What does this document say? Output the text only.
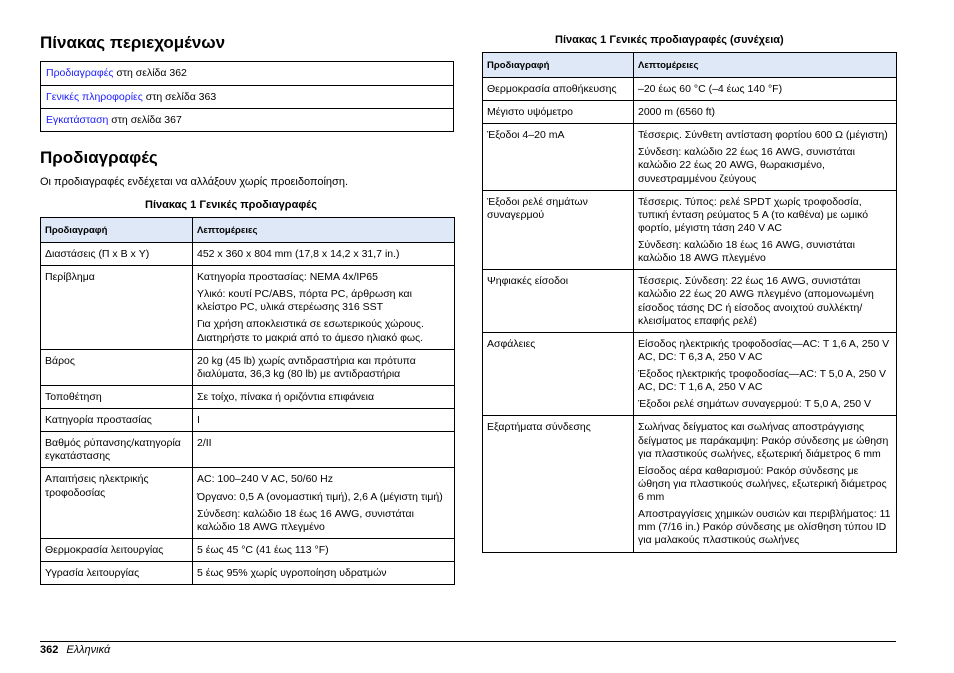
Πίνακας περιεχομένων
Προδιαγραφές στη σελίδα 362
Γενικές πληροφορίες στη σελίδα 363
Εγκατάσταση στη σελίδα 367
Προδιαγραφές
Οι προδιαγραφές ενδέχεται να αλλάξουν χωρίς προειδοποίηση.
Πίνακας 1 Γενικές προδιαγραφές
Προδιαγραφή	Λεπτομέρειες
Διαστάσεις (Π x Β x Υ)	452 x 360 x 804 mm (17,8 x 14,2 x 31,7 in.)

Περίβλημα	Κατηγορία προστασίας: NEMA 4x/IP65
Υλικό: κουτί PC/ABS, πόρτα PC, άρθρωση και κλείστρο PC, υλικά στερέωσης 316 SST
Για χρήση αποκλειστικά σε εσωτερικούς χώρους. Διατηρήστε το μακριά από το άμεσο ηλιακό φως.

Βάρος	20 kg (45 lb) χωρίς αντιδραστήρια και πρότυπα διαλύματα, 36,3 kg (80 lb) με αντιδραστήρια

Τοποθέτηση	Σε τοίχο, πίνακα ή οριζόντια επιφάνεια

Κατηγορία προστασίας	I

Βαθμός ρύπανσης/κατηγορία εγκατάστασης	2/II

Απαιτήσεις ηλεκτρικής τροφοδοσίας	AC: 100–240 V AC, 50/60 Hz
Όργανο: 0,5 A (ονομαστική τιμή), 2,6 A (μέγιστη τιμή)
Σύνδεση: καλώδιο 18 έως 16 AWG, συνιστάται καλώδιο 18 AWG πλεγμένο

Θερμοκρασία λειτουργίας	5 έως 45 °C (41 έως 113 °F)

Υγρασία λειτουργίας	5 έως 95% χωρίς υγροποίηση υδρατμών
Πίνακας 1 Γενικές προδιαγραφές (συνέχεια)
Προδιαγραφή	Λεπτομέρειες
Θερμοκρασία αποθήκευσης	–20 έως 60 °C (–4 έως 140 °F)

Μέγιστο υψόμετρο	2000 m (6560 ft)

Έξοδοι 4–20 mA	Τέσσερις. Σύνθετη αντίσταση φορτίου 600 Ω (μέγιστη)
Σύνδεση: καλώδιο 22 έως 16 AWG, συνιστάται καλώδιο 22 έως 20 AWG, θωρακισμένο, συνεστραμμένου ζεύγους

Έξοδοι ρελέ σημάτων συναγερμού	Τέσσερις. Τύπος: ρελέ SPDT χωρίς τροφοδοσία, τυπική ένταση ρεύματος 5 A (το καθένα) με ωμικό φορτίο, μέγιστη τάση 240 V AC
Σύνδεση: καλώδιο 18 έως 16 AWG, συνιστάται καλώδιο 18 AWG πλεγμένο

Ψηφιακές είσοδοι	Τέσσερις. Σύνδεση: 22 έως 16 AWG, συνιστάται καλώδιο 22 έως 20 AWG πλεγμένο (απομονωμένη είσοδος τάσης DC ή είσοδος ανοιχτού συλλέκτη/κλεισίματος επαφής ρελέ)

Ασφάλειες	Είσοδος ηλεκτρικής τροφοδοσίας—AC: T 1,6 A, 250 V AC, DC: T 6,3 A, 250 V AC
Έξοδος ηλεκτρικής τροφοδοσίας—AC: T 5,0 A, 250 V AC, DC: T 1,6 A, 250 V AC
Έξοδοι ρελέ σημάτων συναγερμού: T 5,0 A, 250 V

Εξαρτήματα σύνδεσης	Σωλήνας δείγματος και σωλήνας αποστράγγισης δείγματος με παράκαμψη: Ρακόρ σύνδεσης με ώθηση για πλαστικούς σωλήνες, εξωτερική διάμετρος 6 mm
Είσοδος αέρα καθαρισμού: Ρακόρ σύνδεσης με ώθηση για πλαστικούς σωλήνες, εξωτερική διάμετρος 6 mm
Αποστραγγίσεις χημικών ουσιών και περιβλήματος: 11 mm (7/16 in.) Ρακόρ σύνδεσης με ολίσθηση τύπου ID για μαλακούς πλαστικούς σωλήνες
362 Ελληνικά
